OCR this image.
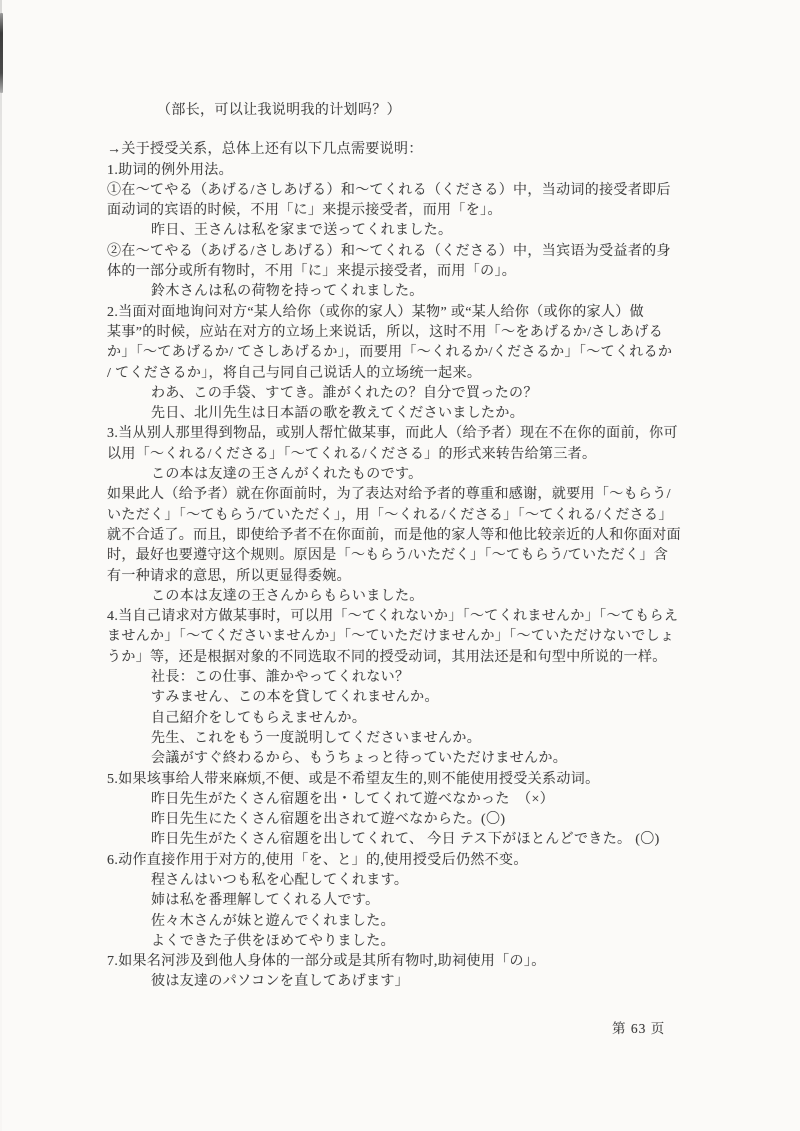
（部长，可以让我说明我的计划吗？）
→关于授受关系，总体上还有以下几点需要说明：
1.助词的例外用法。
①在～てやる（あげる/さしあげる）和～てくれる（くださる）中，当动词的接受者即后
面动词的宾语的时候，不用「に」来提示接受者，而用「を」。
昨日、王さんは私を家まで送ってくれました。
②在～てやる（あげる/さしあげる）和～てくれる（くださる）中，当宾语为受益者的身
体的一部分或所有物时，不用「に」来提示接受者，而用「の」。
鈴木さんは私の荷物を持ってくれました。
2.当面对面地询问对方“某人给你（或你的家人）某物” 或“某人给你（或你的家人）做
某事”的时候，应站在对方的立场上来说话，所以，这时不用「～をあげるか/さしあげる
か」「～てあげるか/ てさしあげるか」，而要用「～くれるか/くださるか」「～てくれるか
/ てくださるか」，将自己与同自己说话人的立场统一起来。
わあ、この手袋、すてき。誰がくれたの？自分で買ったの？
先日、北川先生は日本語の歌を教えてくださいましたか。
3.当从别人那里得到物品，或别人帮忙做某事，而此人（给予者）现在不在你的面前，你可
以用「～くれる/くださる」「～てくれる/くださる」的形式来转告给第三者。
この本は友達の王さんがくれたものです。
如果此人（给予者）就在你面前时，为了表达对给予者的尊重和感谢，就要用「～もらう/
いただく」「～てもらう/ていただく」，用「～くれる/くださる」「～てくれる/くださる」
就不合适了。而且，即使给予者不在你面前，而是他的家人等和他比较亲近的人和你面对面
时，最好也要遵守这个规则。原因是「～もらう/いただく」「～てもらう/ていただく」含
有一种请求的意思，所以更显得委婉。
この本は友達の王さんからもらいました。
4.当自己请求对方做某事时，可以用「～てくれないか」「～てくれませんか」「～てもらえ
ませんか」「～てくださいませんか」「～ていただけませんか」「～ていただけないでしょ
うか」等，还是根据对象的不同选取不同的授受动词，其用法还是和句型中所说的一样。
社長：この仕事、誰かやってくれない？
すみません、この本を貸してくれませんか。
自己紹介をしてもらえませんか。
先生、これをもう一度説明してくださいませんか。
会議がすぐ終わるから、もうちょっと待っていただけませんか。
5.如果垓事给人带来麻烦,不便、或是不希望友生的,则不能使用授受关系动词。
昨日先生がたくさん宿題を出・してくれて遊べなかった　（×）
昨日先生にたくさん宿題を出されて遊べなからた。(〇)
昨日先生がたくさん宿題を出してくれて、 今日 テス下がほとんどできた。 (〇)
6.动作直接作用于对方的,使用「を、と」的,使用授受后仍然不变。
程さんはいつも私を心配してくれます。
姉は私を番理解してくれる人です。
佐々木さんが妹と遊んでくれました。
よくできた子供をほめてやりました。
7.如果名河涉及到他人身体的一部分或是其所有物吋,助祠使用「の」。
彼は友達のパソコンを直してあげます」
第 63 页
